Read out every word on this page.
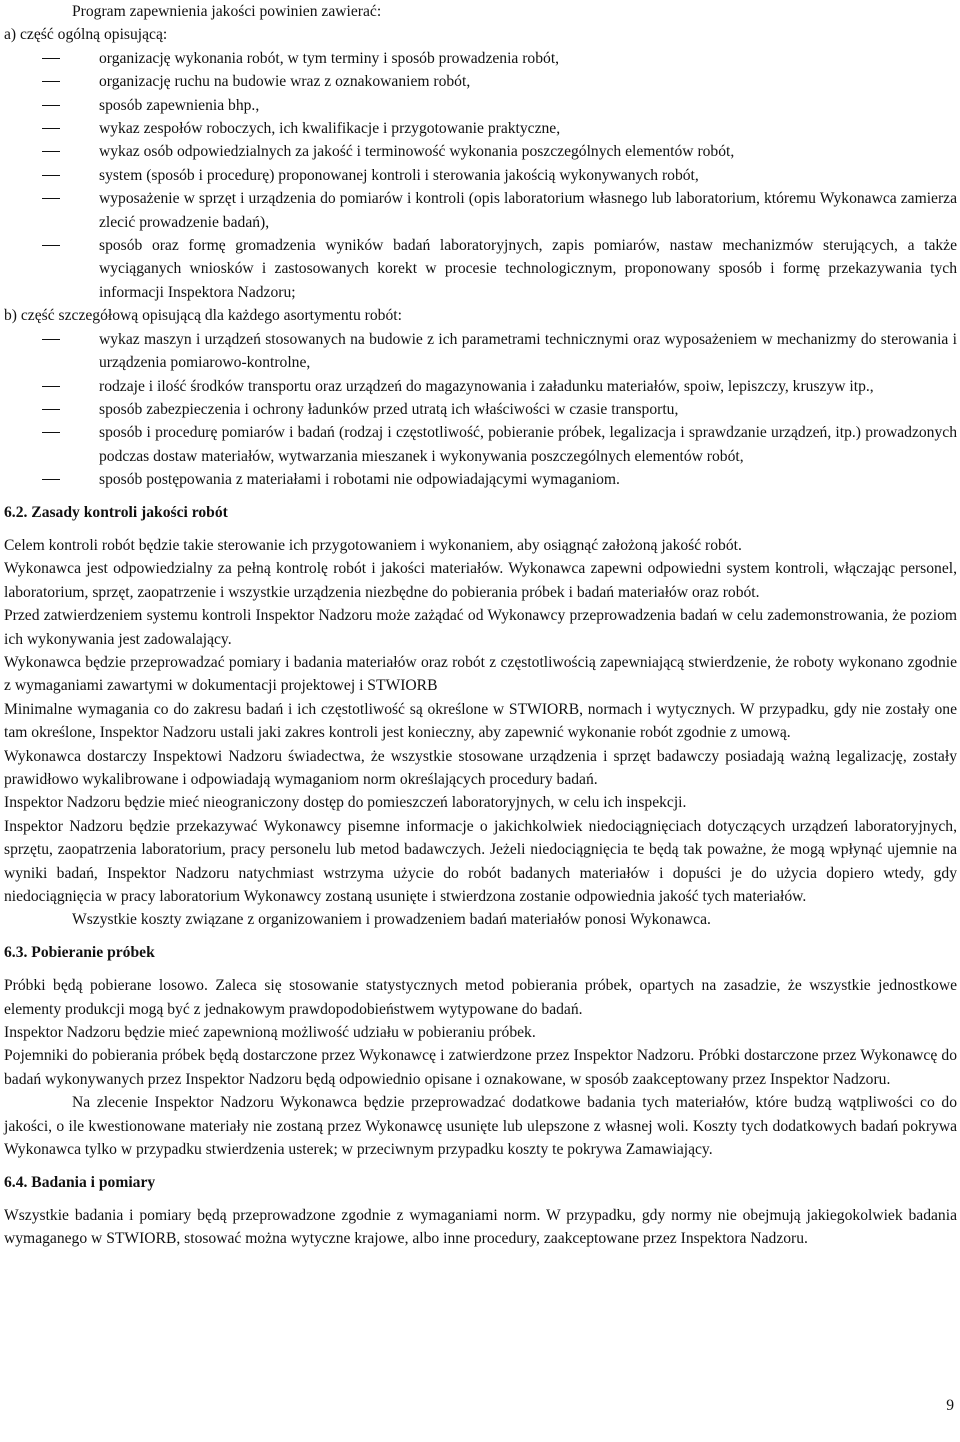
Program zapewnienia jakości powinien zawierać:

a) część ogólną opisującą:

organizację wykonania robót, w tym terminy i sposób prowadzenia robót,
organizację ruchu na budowie wraz z oznakowaniem robót,
sposób zapewnienia bhp.,
wykaz zespołów roboczych, ich kwalifikacje i przygotowanie praktyczne,
wykaz osób odpowiedzialnych za jakość i terminowość wykonania poszczególnych elementów robót,
system (sposób i procedurę) proponowanej kontroli i sterowania jakością wykonywanych robót,
wyposażenie w sprzęt i urządzenia do pomiarów i kontroli (opis laboratorium własnego lub laboratorium, któremu Wykonawca zamierza zlecić prowadzenie badań),
sposób oraz formę gromadzenia wyników badań laboratoryjnych, zapis pomiarów, nastaw mechanizmów sterujących, a także wyciąganych wniosków i zastosowanych korekt w procesie technologicznym, proponowany sposób i formę przekazywania tych informacji Inspektora Nadzoru;

b) część szczegółową opisującą dla każdego asortymentu robót:

wykaz maszyn i urządzeń stosowanych na budowie z ich parametrami technicznymi oraz wyposażeniem w mechanizmy do sterowania i urządzenia pomiarowo-kontrolne,
rodzaje i ilość środków transportu oraz urządzeń do magazynowania i załadunku materiałów, spoiw, lepiszczy, kruszyw itp.,
sposób zabezpieczenia i ochrony ładunków przed utratą ich właściwości w czasie transportu,
sposób i procedurę pomiarów i badań (rodzaj i częstotliwość, pobieranie próbek, legalizacja i sprawdzanie urządzeń, itp.) prowadzonych podczas dostaw materiałów, wytwarzania mieszanek i wykonywania poszczególnych elementów robót,
sposób postępowania z materiałami i robotami nie odpowiadającymi wymaganiom.
6.2. Zasady kontroli jakości robót

Celem kontroli robót będzie takie sterowanie ich przygotowaniem i wykonaniem, aby osiągnąć założoną jakość robót.

Wykonawca jest odpowiedzialny za pełną kontrolę robót i jakości materiałów. Wykonawca zapewni odpowiedni system kontroli, włączając personel, laboratorium, sprzęt, zaopatrzenie i wszystkie urządzenia niezbędne do pobierania próbek i badań materiałów oraz robót.

Przed zatwierdzeniem systemu kontroli Inspektor Nadzoru może zażądać od Wykonawcy przeprowadzenia badań w celu zademonstrowania, że poziom ich wykonywania jest zadowalający.

Wykonawca będzie przeprowadzać pomiary i badania materiałów oraz robót z częstotliwością zapewniającą stwierdzenie, że roboty wykonano zgodnie z wymaganiami zawartymi w dokumentacji projektowej i STWIORB

Minimalne wymagania co do zakresu badań i ich częstotliwość są określone w STWIORB, normach i wytycznych. W przypadku, gdy nie zostały one tam określone, Inspektor Nadzoru ustali jaki zakres kontroli jest konieczny, aby zapewnić wykonanie robót zgodnie z umową.

Wykonawca dostarczy Inspektowi Nadzoru świadectwa, że wszystkie stosowane urządzenia i sprzęt badawczy posiadają ważną legalizację, zostały prawidłowo wykalibrowane i odpowiadają wymaganiom norm określających procedury badań.

Inspektor Nadzoru będzie mieć nieograniczony dostęp do pomieszczeń laboratoryjnych, w celu ich inspekcji.

Inspektor Nadzoru będzie przekazywać Wykonawcy pisemne informacje o jakichkolwiek niedociągnięciach dotyczących urządzeń laboratoryjnych, sprzętu, zaopatrzenia laboratorium, pracy personelu lub metod badawczych. Jeżeli niedociągnięcia te będą tak poważne, że mogą wpłynąć ujemnie na wyniki badań, Inspektor Nadzoru natychmiast wstrzyma użycie do robót badanych materiałów i dopuści je do użycia dopiero wtedy, gdy niedociągnięcia w pracy laboratorium Wykonawcy zostaną usunięte i stwierdzona zostanie odpowiednia jakość tych materiałów.

Wszystkie koszty związane z organizowaniem i prowadzeniem badań materiałów ponosi Wykonawca.

6.3. Pobieranie próbek

Próbki będą pobierane losowo. Zaleca się stosowanie statystycznych metod pobierania próbek, opartych na zasadzie, że wszystkie jednostkowe elementy produkcji mogą być z jednakowym prawdopodobieństwem wytypowane do badań.

Inspektor Nadzoru będzie mieć zapewnioną możliwość udziału w pobieraniu próbek.

Pojemniki do pobierania próbek będą dostarczone przez Wykonawcę i zatwierdzone przez Inspektor Nadzoru. Próbki dostarczone przez Wykonawcę do badań wykonywanych przez Inspektor Nadzoru będą odpowiednio opisane i oznakowane, w sposób zaakceptowany przez Inspektor Nadzoru.

Na zlecenie Inspektor Nadzoru Wykonawca będzie przeprowadzać dodatkowe badania tych materiałów, które budzą wątpliwości co do jakości, o ile kwestionowane materiały nie zostaną przez Wykonawcę usunięte lub ulepszone z własnej woli. Koszty tych dodatkowych badań pokrywa Wykonawca tylko w przypadku stwierdzenia usterek; w przeciwnym przypadku koszty te pokrywa Zamawiający.

6.4. Badania i pomiary

Wszystkie badania i pomiary będą przeprowadzone zgodnie z wymaganiami norm. W przypadku, gdy normy nie obejmują jakiegokolwiek badania wymaganego w STWIORB, stosować można wytyczne krajowe, albo inne procedury, zaakceptowane przez Inspektora Nadzoru.

9
